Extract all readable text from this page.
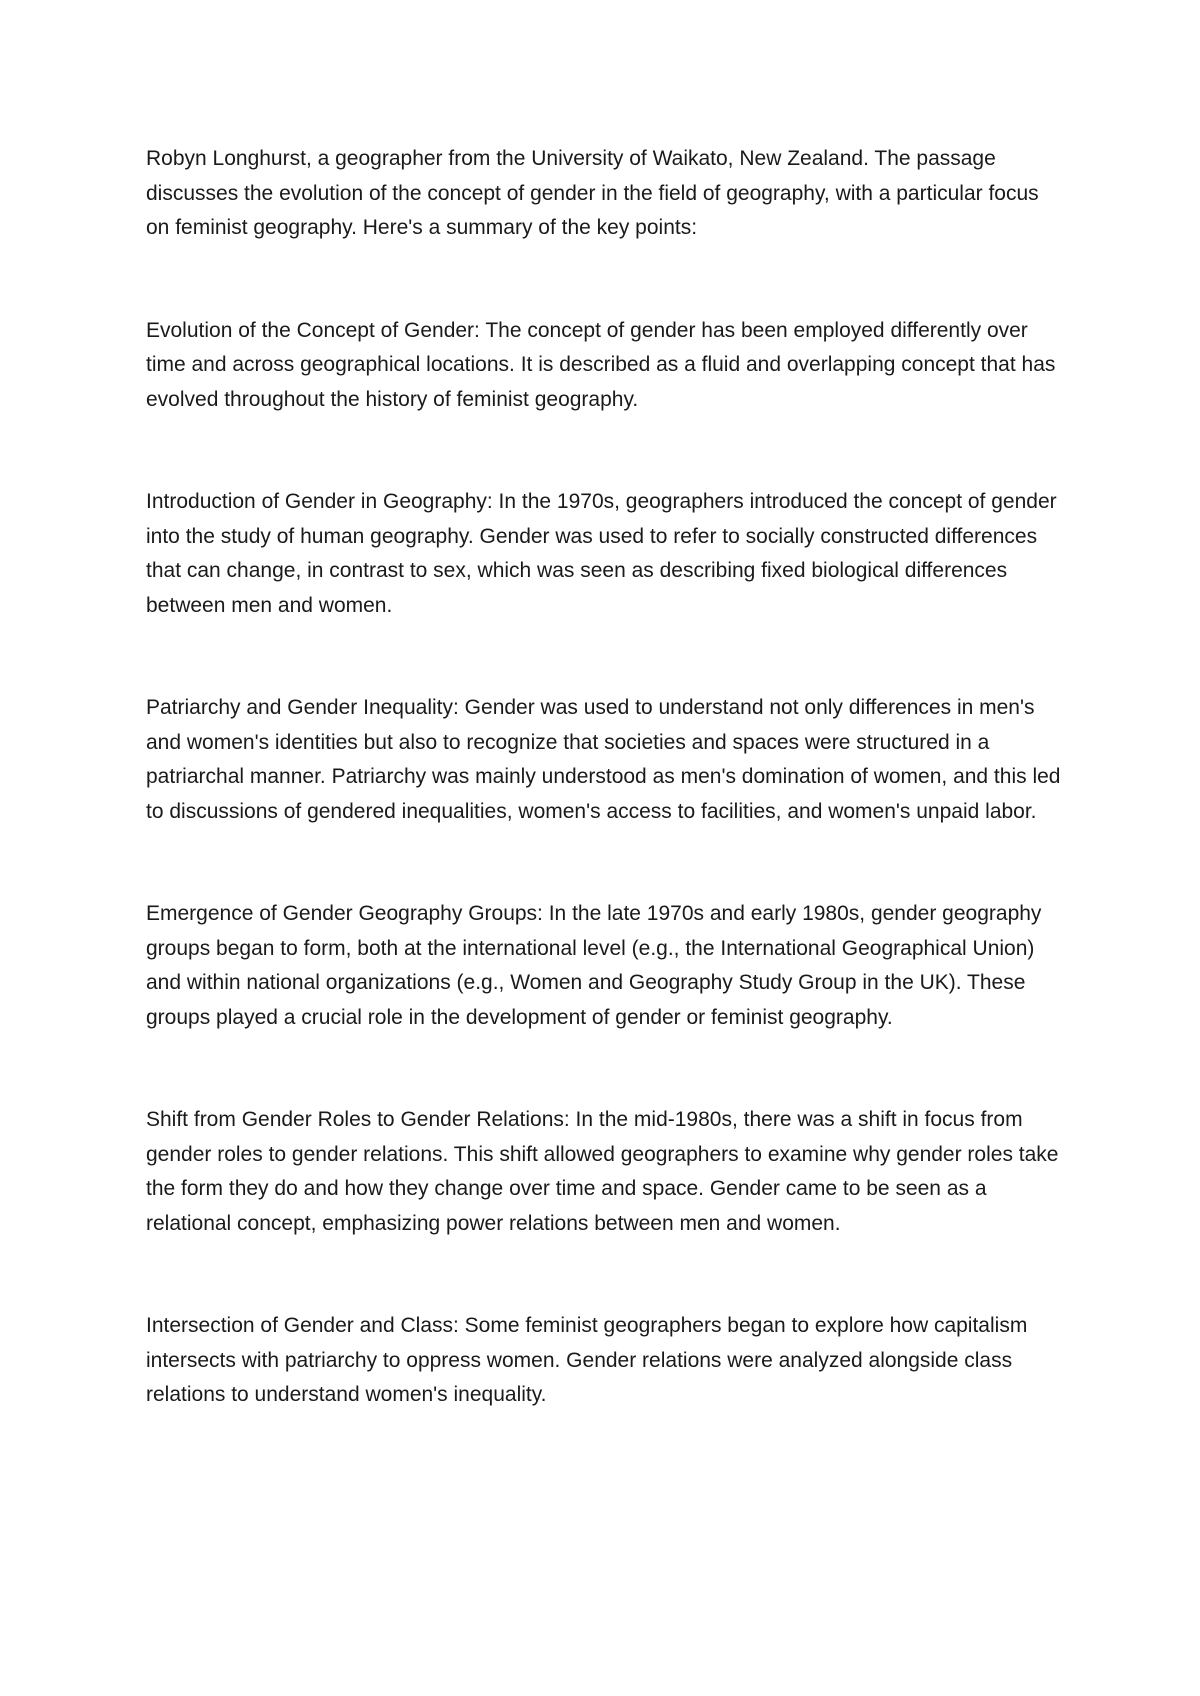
Robyn Longhurst, a geographer from the University of Waikato, New Zealand. The passage discusses the evolution of the concept of gender in the field of geography, with a particular focus on feminist geography. Here's a summary of the key points:

Evolution of the Concept of Gender: The concept of gender has been employed differently over time and across geographical locations. It is described as a fluid and overlapping concept that has evolved throughout the history of feminist geography.

Introduction of Gender in Geography: In the 1970s, geographers introduced the concept of gender into the study of human geography. Gender was used to refer to socially constructed differences that can change, in contrast to sex, which was seen as describing fixed biological differences between men and women.

Patriarchy and Gender Inequality: Gender was used to understand not only differences in men's and women's identities but also to recognize that societies and spaces were structured in a patriarchal manner. Patriarchy was mainly understood as men's domination of women, and this led to discussions of gendered inequalities, women's access to facilities, and women's unpaid labor.

Emergence of Gender Geography Groups: In the late 1970s and early 1980s, gender geography groups began to form, both at the international level (e.g., the International Geographical Union) and within national organizations (e.g., Women and Geography Study Group in the UK). These groups played a crucial role in the development of gender or feminist geography.

Shift from Gender Roles to Gender Relations: In the mid-1980s, there was a shift in focus from gender roles to gender relations. This shift allowed geographers to examine why gender roles take the form they do and how they change over time and space. Gender came to be seen as a relational concept, emphasizing power relations between men and women.

Intersection of Gender and Class: Some feminist geographers began to explore how capitalism intersects with patriarchy to oppress women. Gender relations were analyzed alongside class relations to understand women's inequality.
